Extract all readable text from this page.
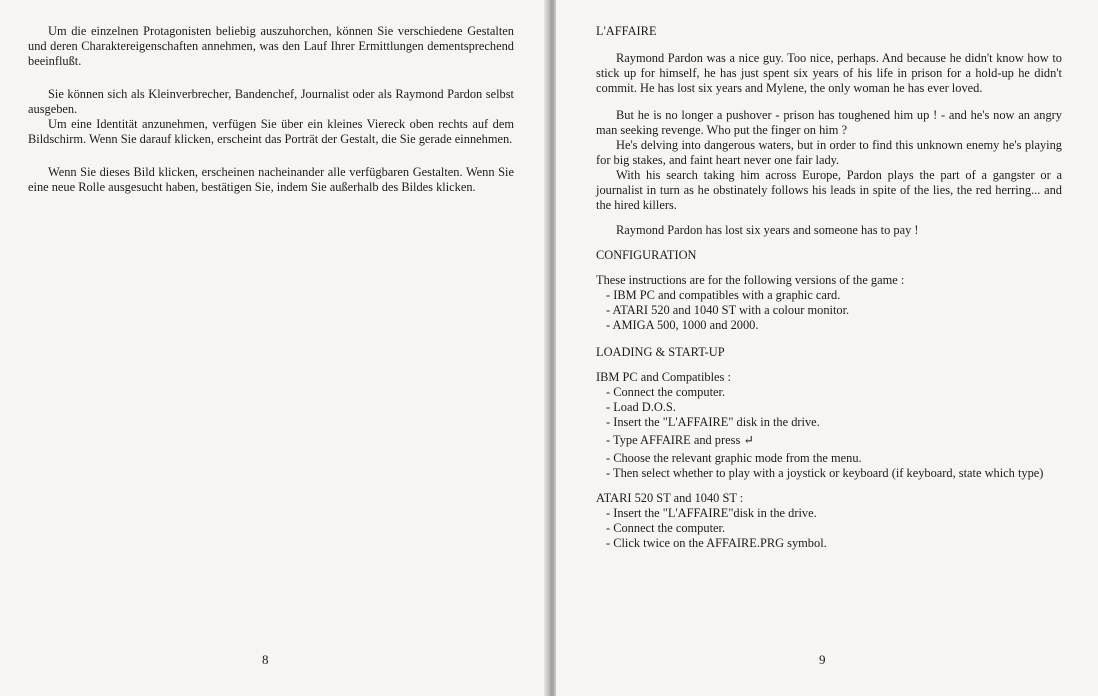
Um die einzelnen Protagonisten beliebig auszuhorchen, können Sie verschiedene Gestalten und deren Charaktereigenschaften annehmen, was den Lauf Ihrer Ermittlungen dementsprechend beeinflußt.

Sie können sich als Kleinverbrecher, Bandenchef, Journalist oder als Raymond Pardon selbst ausgeben.

Um eine Identität anzunehmen, verfügen Sie über ein kleines Viereck oben rechts auf dem Bildschirm. Wenn Sie darauf klicken, erscheint das Porträt der Gestalt, die Sie gerade einnehmen.

Wenn Sie dieses Bild klicken, erscheinen nacheinander alle verfügbaren Gestalten. Wenn Sie eine neue Rolle ausgesucht haben, bestätigen Sie, indem Sie außerhalb des Bildes klicken.

8

L'AFFAIRE

Raymond Pardon was a nice guy. Too nice, perhaps. And because he didn't know how to stick up for himself, he has just spent six years of his life in prison for a hold-up he didn't commit. He has lost six years and Mylene, the only woman he has ever loved.

But he is no longer a pushover - prison has toughened him up ! - and he's now an angry man seeking revenge. Who put the finger on him ?

He's delving into dangerous waters, but in order to find this unknown enemy he's playing for big stakes, and faint heart never one fair lady.

With his search taking him across Europe, Pardon plays the part of a gangster or a journalist in turn as he obstinately follows his leads in spite of the lies, the red herring... and the hired killers.

Raymond Pardon has lost six years and someone has to pay !

CONFIGURATION

These instructions are for the following versions of the game :

- IBM PC and compatibles with a graphic card.
- ATARI 520 and 1040 ST with a colour monitor.
- AMIGA 500, 1000 and 2000.

LOADING & START-UP

IBM PC and Compatibles :

- Connect the computer.
- Load D.O.S.
- Insert the "L'AFFAIRE" disk in the drive.
- Type AFFAIRE and press ↵
- Choose the relevant graphic mode from the menu.
- Then select whether to play with a joystick or keyboard (if keyboard, state which type)

ATARI 520 ST and 1040 ST :

- Insert the "L'AFFAIRE"disk in the drive.
- Connect the computer.
- Click twice on the AFFAIRE.PRG symbol.
9
